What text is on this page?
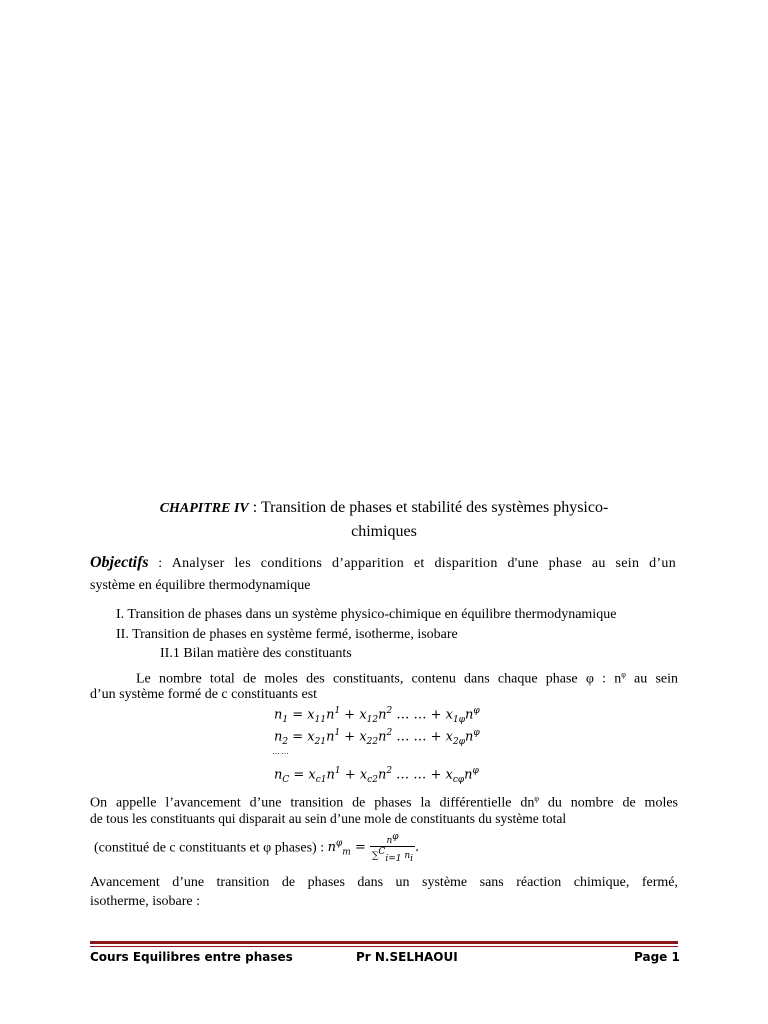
CHAPITRE IV : Transition de phases et stabilité des systèmes physico-
chimiques
Objectifs : Analyser les conditions d’apparition et disparition d'une phase au sein d’un
système en équilibre thermodynamique
I. Transition de phases dans un système physico-chimique en équilibre thermodynamique
II. Transition de phases en système fermé, isotherme, isobare
II.1 Bilan matière des constituants
Le nombre total de moles des constituants, contenu dans chaque phase φ : $n^\varphi$ au sein
d’un système formé de c constituants est
$n_1 = x_{11}n^1 + x_{12}n^2$ … … + $x_{1\varphi}n^\varphi$
$n_2 = x_{21}n^1 + x_{22}n^2$ … … + $x_{2\varphi}n^\varphi$
……
$n_C = x_{c1}n^1 + x_{c2}n^2$ … … + $x_{c\varphi}n^\varphi$
On appelle l’avancement d’une transition de phases la différentielle $dn^\varphi$ du nombre de moles
de tous les constituants qui disparait au sein d’une mole de constituants du système total
(constitué de c constituants et φ phases) : $n^\varphi_m = \frac{n^\varphi}{\sum^C_{i=1} n_i}$ .
Avancement d’une transition de phases dans un système sans réaction chimique, fermé,
isotherme, isobare :
Cours Equilibres entre phases	Pr N.SELHAOUI	Page 1
